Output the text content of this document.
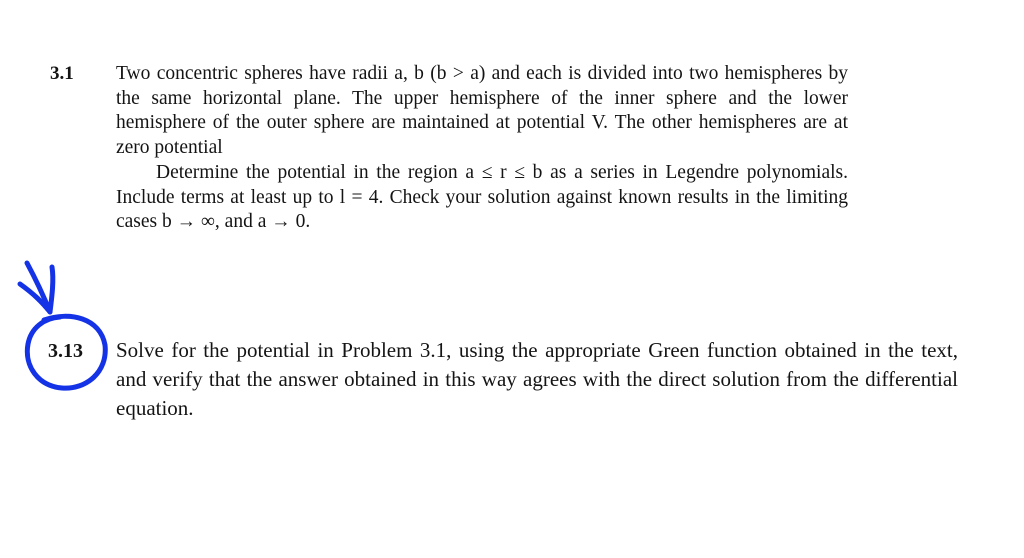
3.1 Two concentric spheres have radii a, b (b > a) and each is divided into two hemispheres by the same horizontal plane. The upper hemisphere of the inner sphere and the lower hemisphere of the outer sphere are maintained at potential V. The other hemispheres are at zero potential

Determine the potential in the region a ≤ r ≤ b as a series in Legendre polynomials. Include terms at least up to l = 4. Check your solution against known results in the limiting cases b → ∞, and a → 0.

3.13 Solve for the potential in Problem 3.1, using the appropriate Green function obtained in the text, and verify that the answer obtained in this way agrees with the direct solution from the differential equation.
